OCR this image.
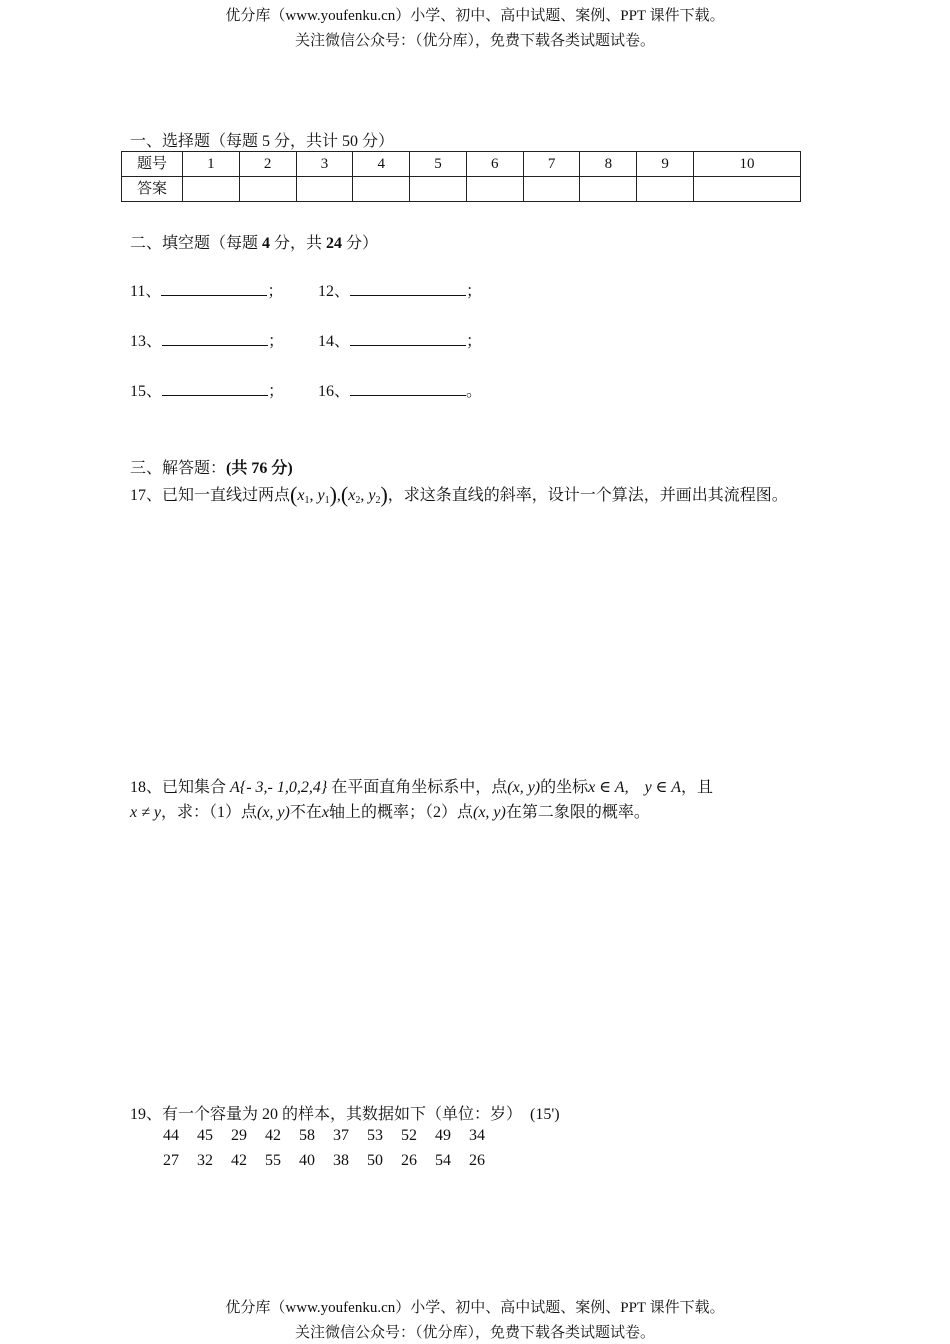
优分库（www.youfenku.cn）小学、初中、高中试题、案例、PPT 课件下载。
关注微信公众号：（优分库），免费下载各类试题试卷。
一、选择题（每题 5 分，共计 50 分）
题号	1	2	3	4	5	6	7	8	9	10
答案										
二、填空题（每题 4 分，共 24 分）
11、	； 12、	；
13、	； 14、	；
15、	； 16、	。
三、解答题：(共 76 分)
17、已知一直线过两点($x_1$, $y_1),(x_2$, $y_2$)，求这条直线的斜率，设计一个算法，并画出其流程图。
18、已知集合 A{- 3,- 1,0,2,4} 在平面直角坐标系中，点(x, y)的坐标x ∈ A, y ∈ A，且
x ≠ y，求：（1）点(x, y)不在x轴上的概率；（2）点(x, y)在第二象限的概率。
19、有一个容量为 20 的样本，其数据如下（单位：岁） (15')
44 45 29 42 58 37 53 52 49 34
27 32 42 55 40 38 50 26 54 26
优分库（www.youfenku.cn）小学、初中、高中试题、案例、PPT 课件下载。
关注微信公众号：（优分库），免费下载各类试题试卷。
